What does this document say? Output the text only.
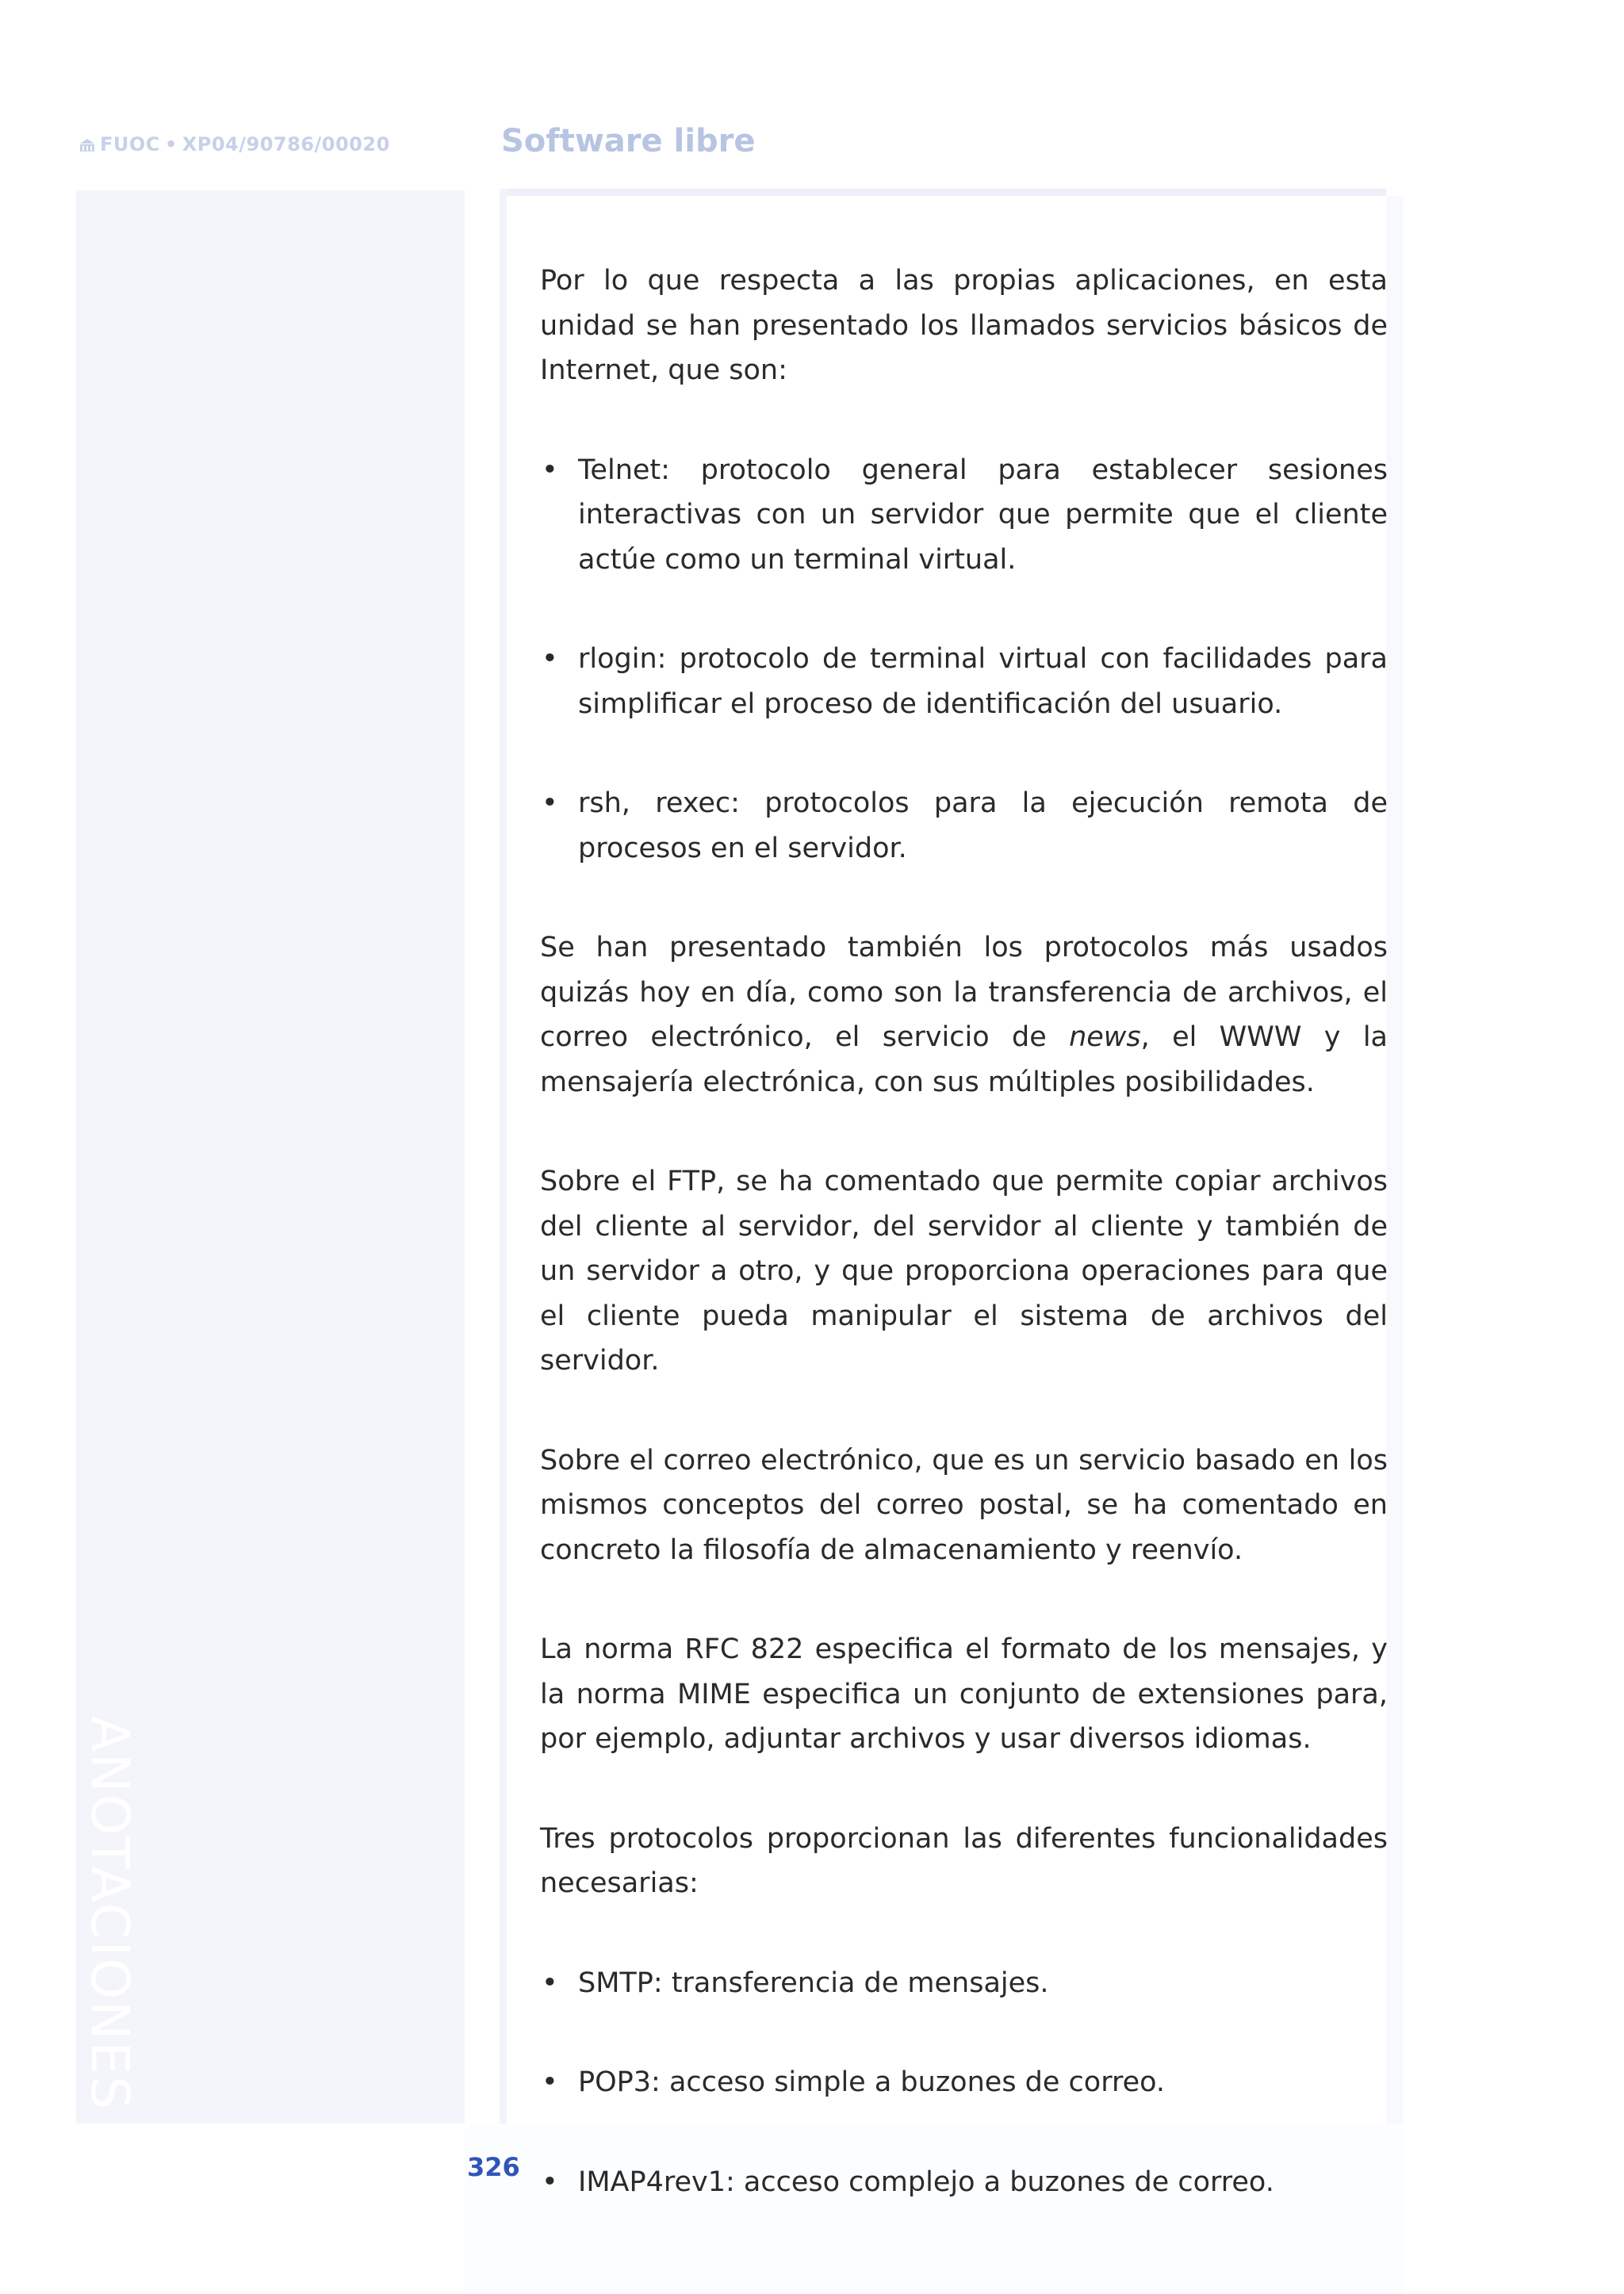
FUOC • XP04/90786/00020	Software libre
ANOTACIONES

Por lo que respecta a las propias aplicaciones, en esta unidad se han presentado los llamados servicios básicos de Internet, que son:

• Telnet: protocolo general para establecer sesiones interactivas con un servidor que permite que el cliente actúe como un terminal virtual.
• rlogin: protocolo de terminal virtual con facilidades para simplificar el proceso de identificación del usuario.
• rsh, rexec: protocolos para la ejecución remota de procesos en el servidor.

Se han presentado también los protocolos más usados quizás hoy en día, como son la transferencia de archivos, el correo electrónico, el servicio de news, el WWW y la mensajería electrónica, con sus múltiples posibilidades.

Sobre el FTP, se ha comentado que permite copiar archivos del cliente al servidor, del servidor al cliente y también de un servidor a otro, y que proporciona operaciones para que el cliente pueda manipular el sistema de archivos del servidor.

Sobre el correo electrónico, que es un servicio basado en los mismos conceptos del correo postal, se ha comentado en concreto la filosofía de almacenamiento y reenvío.

La norma RFC 822 especifica el formato de los mensajes, y la norma MIME especifica un conjunto de extensiones para, por ejemplo, adjuntar archivos y usar diversos idiomas.

Tres protocolos proporcionan las diferentes funcionalidades necesarias:

• SMTP: transferencia de mensajes.
• POP3: acceso simple a buzones de correo.
• IMAP4rev1: acceso complejo a buzones de correo.
326
